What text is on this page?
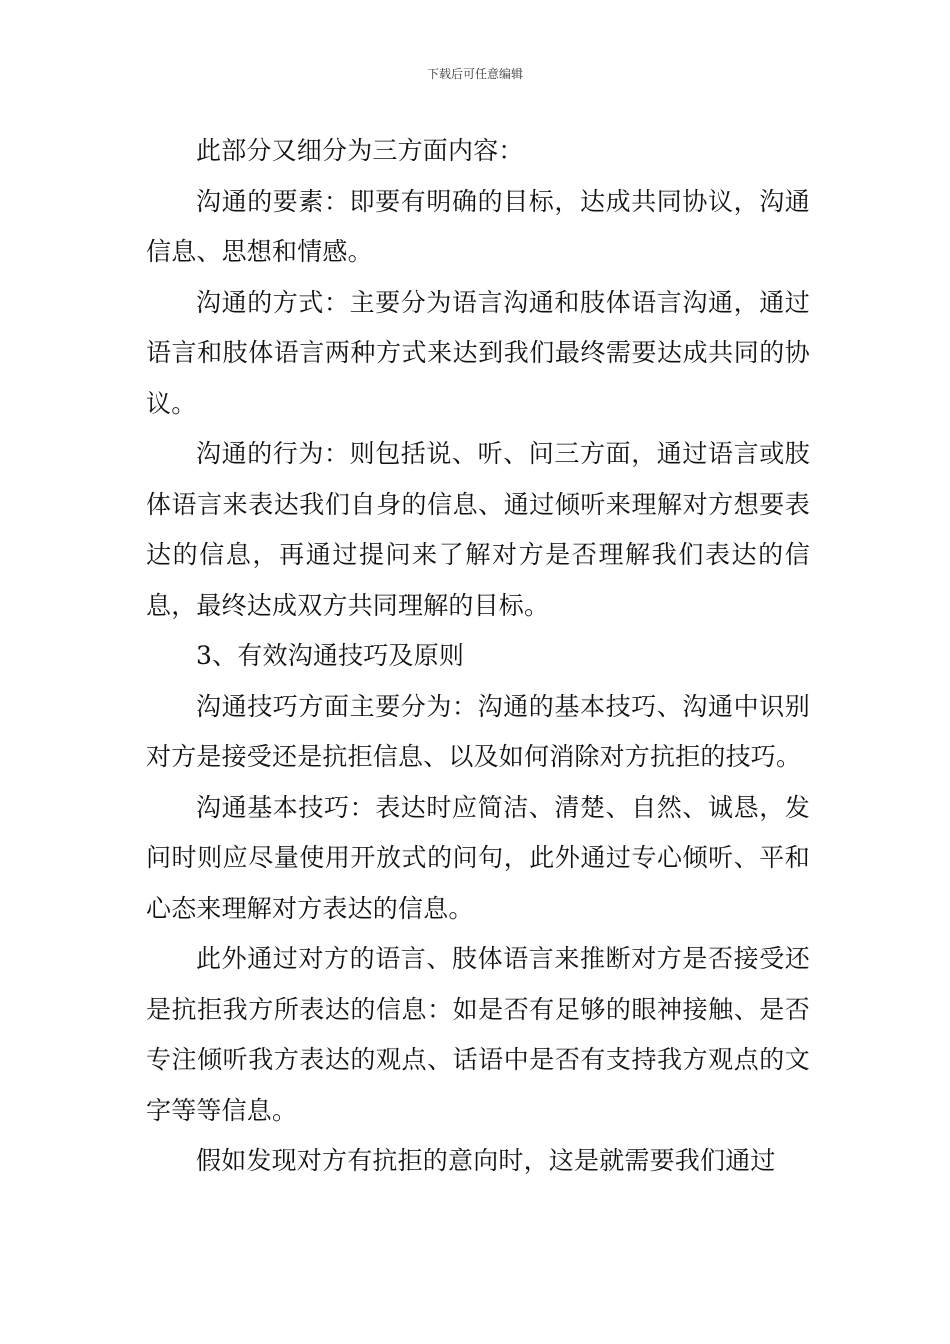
下载后可任意编辑

此部分又细分为三方面内容：

沟通的要素：即要有明确的目标，达成共同协议，沟通信息、思想和情感。

沟通的方式：主要分为语言沟通和肢体语言沟通，通过语言和肢体语言两种方式来达到我们最终需要达成共同的协议。

沟通的行为：则包括说、听、问三方面，通过语言或肢体语言来表达我们自身的信息、通过倾听来理解对方想要表达的信息，再通过提问来了解对方是否理解我们表达的信息，最终达成双方共同理解的目标。

3、有效沟通技巧及原则

沟通技巧方面主要分为：沟通的基本技巧、沟通中识别对方是接受还是抗拒信息、以及如何消除对方抗拒的技巧。

沟通基本技巧：表达时应简洁、清楚、自然、诚恳，发问时则应尽量使用开放式的问句，此外通过专心倾听、平和心态来理解对方表达的信息。

此外通过对方的语言、肢体语言来推断对方是否接受还是抗拒我方所表达的信息：如是否有足够的眼神接触、是否专注倾听我方表达的观点、话语中是否有支持我方观点的文字等等信息。

假如发现对方有抗拒的意向时，这是就需要我们通过
